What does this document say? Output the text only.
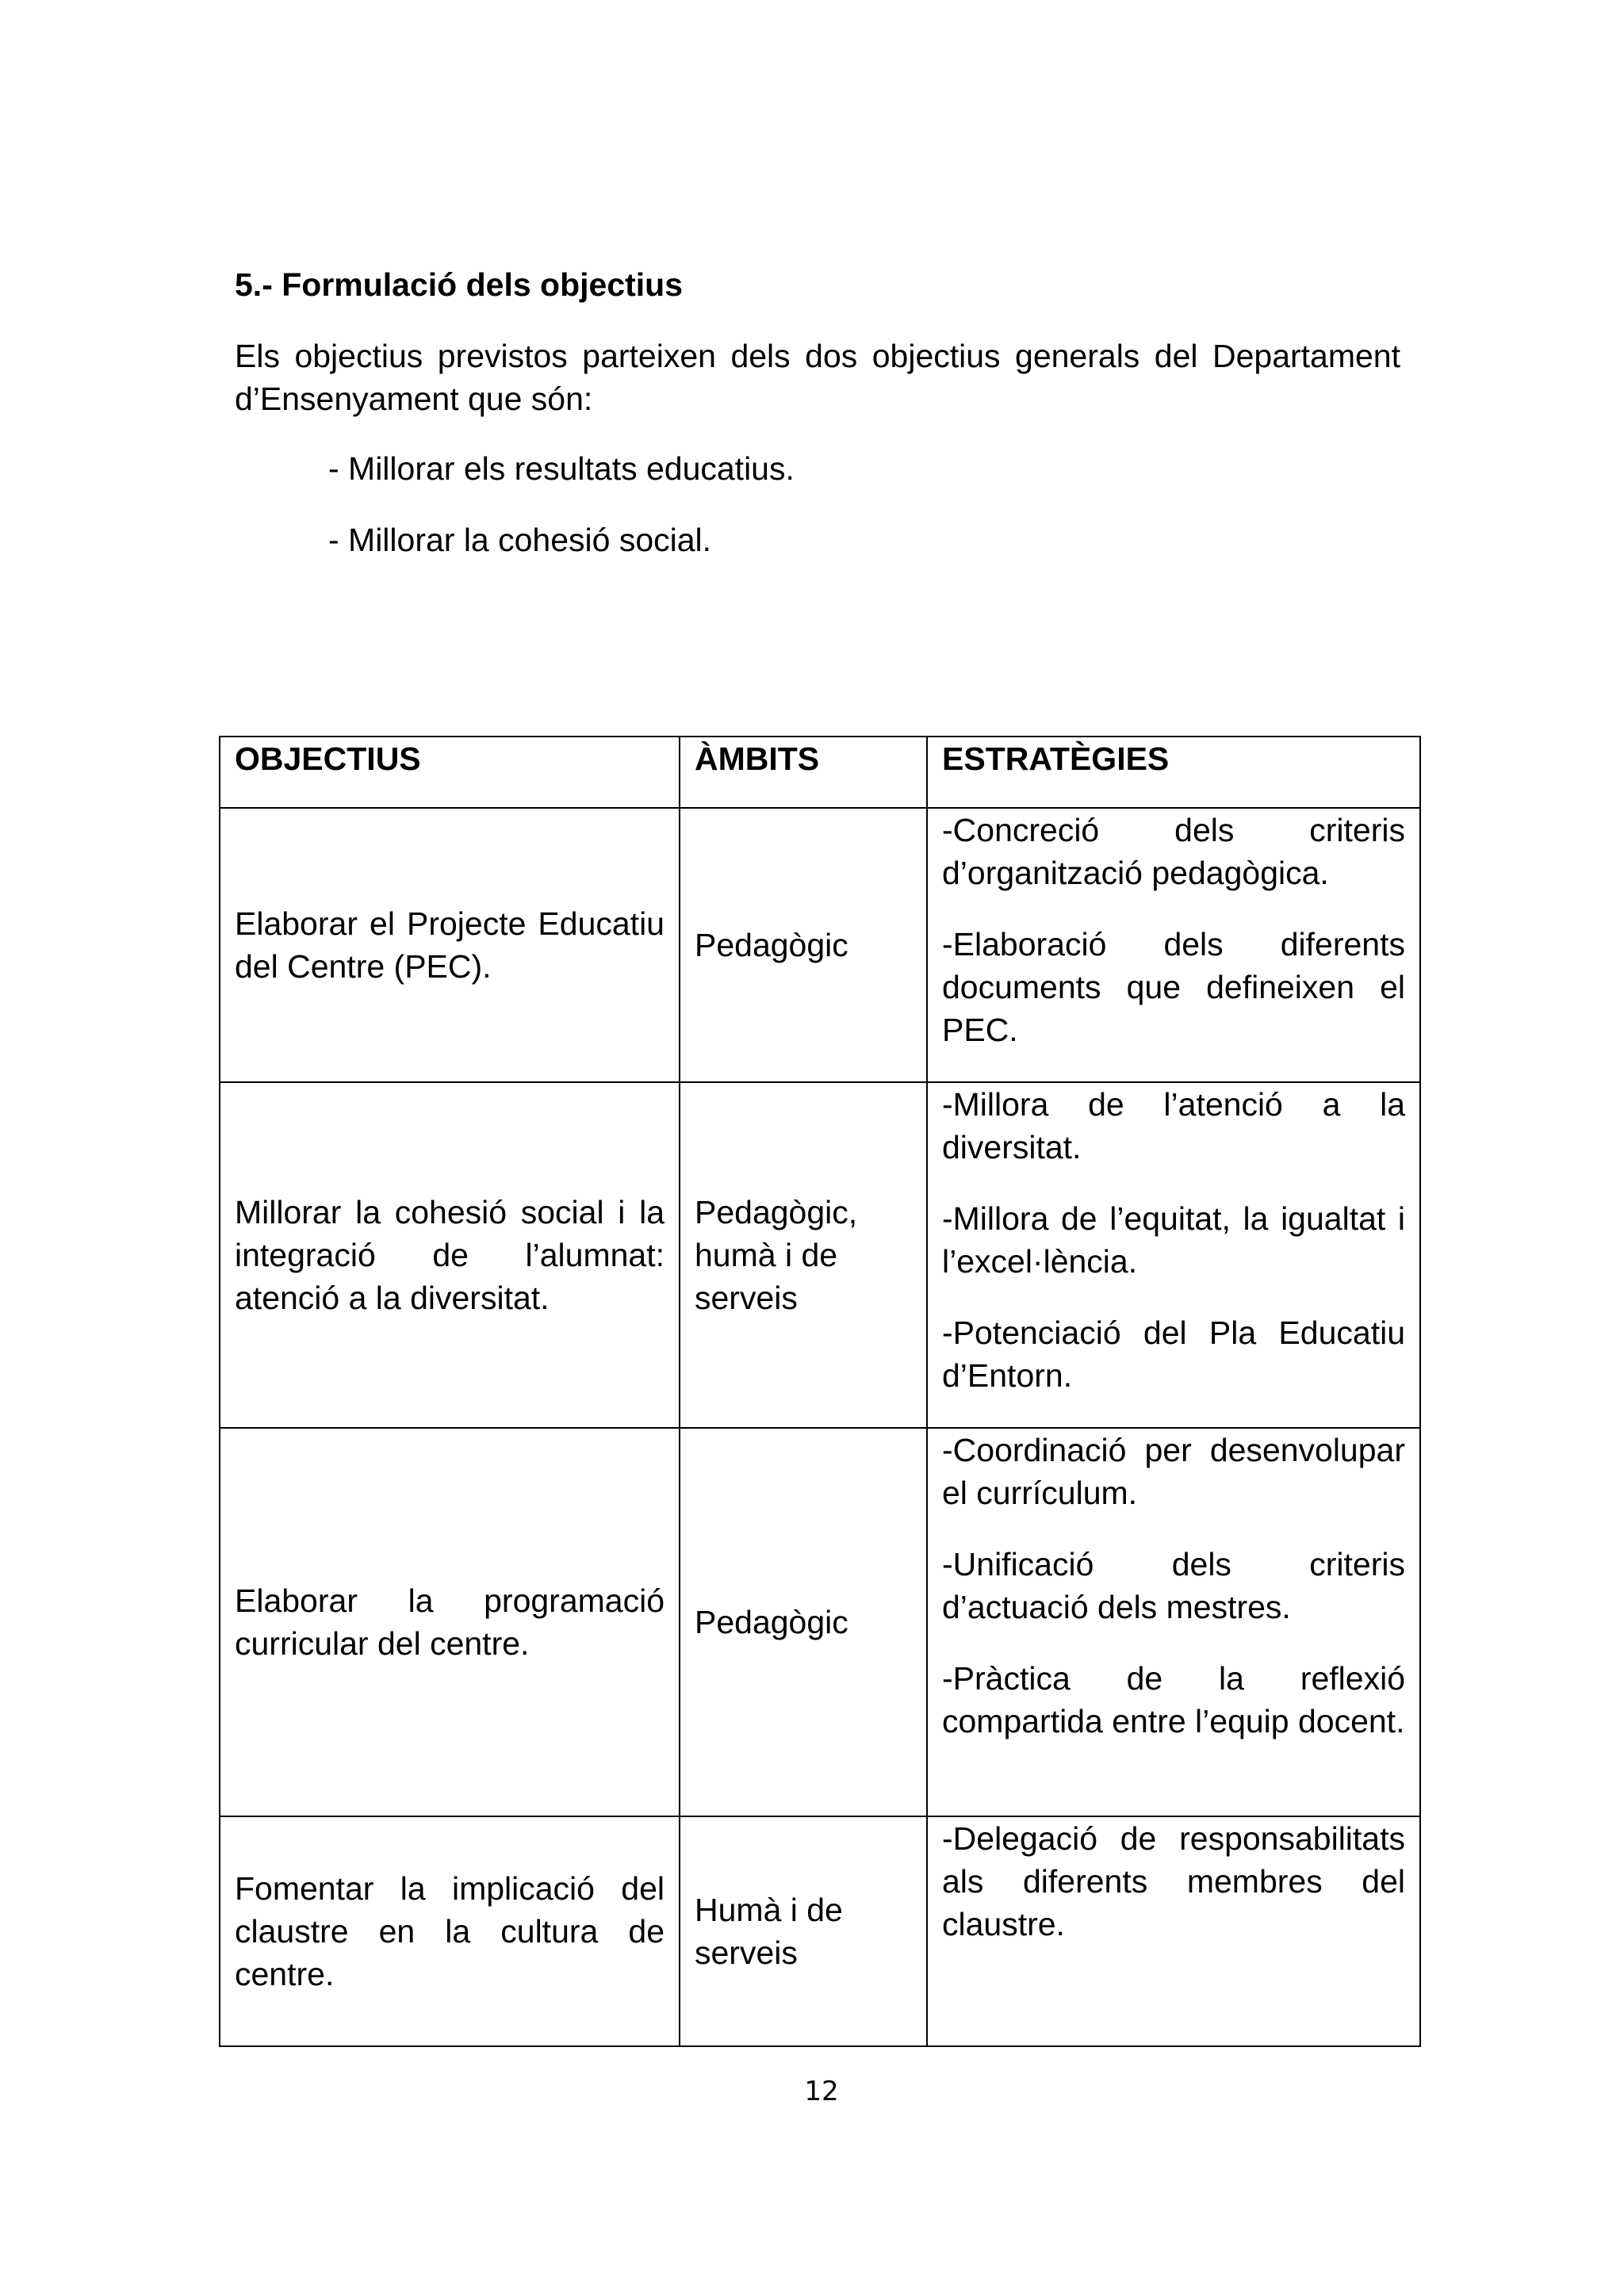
5.- Formulació dels objectius

Els objectius previstos parteixen dels dos objectius generals del Departament d’Ensenyament que són:

- Millorar els resultats educatius.
- Millorar la cohesió social.
OBJECTIUS	ÀMBITS	ESTRATÈGIES
Elaborar el Projecte Educatiu del Centre (PEC).	Pedagògic	-Concreció dels criteris d’organització pedagògica.

-Elaboració dels diferents documents que defineixen el PEC.

Millorar la cohesió social i la integració de l’alumnat: atenció a la diversitat.	Pedagògic, humà i de serveis	-Millora de l’atenció a la diversitat.

-Millora de l’equitat, la igualtat i l’excel·lència.

-Potenciació del Pla Educatiu d’Entorn.

Elaborar la programació curricular del centre.	Pedagògic	-Coordinació per desenvolupar el currículum.

-Unificació dels criteris d’actuació dels mestres.

-Pràctica de la reflexió compartida entre l’equip docent.

Fomentar la implicació del claustre en la cultura de centre.	Humà i de serveis	-Delegació de responsabilitats als diferents membres del claustre.

12
